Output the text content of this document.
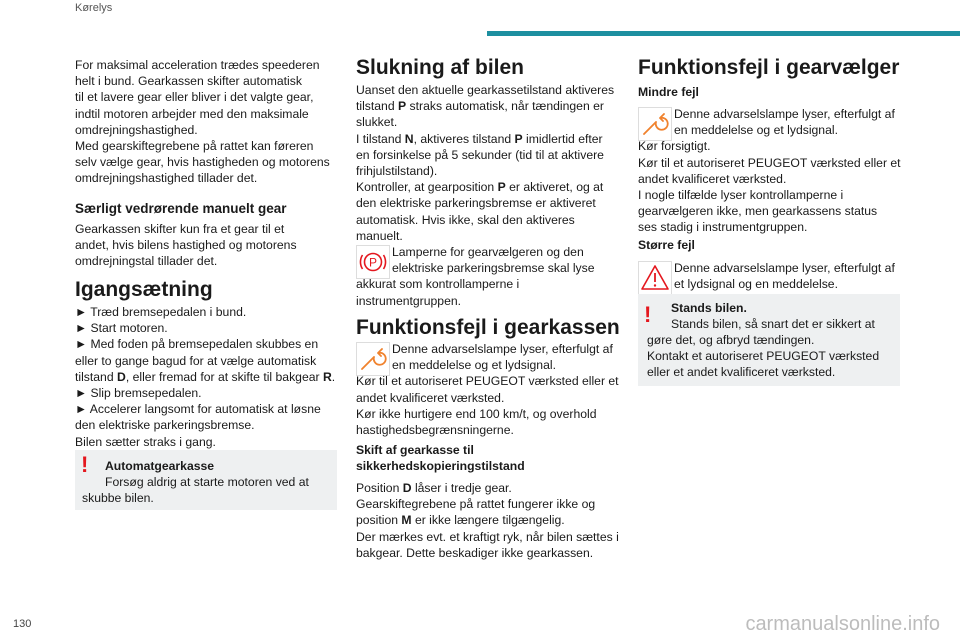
Kørelys

For maksimal acceleration trædes speederen

helt i bund. Gearkassen skifter automatisk

til et lavere gear eller bliver i det valgte gear,

indtil motoren arbejder med den maksimale

omdrejningshastighed.

Med gearskiftegrebene på rattet kan føreren

selv vælge gear, hvis hastigheden og motorens

omdrejningshastighed tillader det.

Særligt vedrørende manuelt gear

Gearkassen skifter kun fra et gear til et

andet, hvis bilens hastighed og motorens

omdrejningstal tillader det.

Igangsætning

► Træd bremsepedalen i bund.

► Start motoren.

► Med foden på bremsepedalen skubbes en

eller to gange bagud for at vælge automatisk

tilstand D, eller fremad for at skifte til bakgear R.

► Slip bremsepedalen.

► Accelerer langsomt for automatisk at løsne

den elektriske parkeringsbremse.

Bilen sætter straks i gang.

! Automatgearkasse
Forsøg aldrig at starte motoren ved at
skubbe bilen.
Slukning af bilen

Uanset den aktuelle gearkassetilstand aktiveres

tilstand P straks automatisk, når tændingen er

slukket.

I tilstand N, aktiveres tilstand P imidlertid efter

en forsinkelse på 5 sekunder (tid til at aktivere

frihjulstilstand).

Kontroller, at gearposition P er aktiveret, og at

den elektriske parkeringsbremse er aktiveret

automatisk. Hvis ikke, skal den aktiveres

manuelt.

P

Lamperne for gearvælgeren og den

elektriske parkeringsbremse skal lyse

akkurat som kontrollamperne i

instrumentgruppen.

Funktionsfejl i gearkassen

Denne advarselslampe lyser, efterfulgt af

en meddelelse og et lydsignal.

Kør til et autoriseret PEUGEOT værksted eller et

andet kvalificeret værksted.

Kør ikke hurtigere end 100 km/t, og overhold

hastighedsbegrænsningerne.

Skift af gearkasse til

sikkerhedskopieringstilstand

Position D låser i tredje gear.

Gearskiftegrebene på rattet fungerer ikke og

position M er ikke længere tilgængelig.

Der mærkes evt. et kraftigt ryk, når bilen sættes i

bakgear. Dette beskadiger ikke gearkassen.

Funktionsfejl i gearvælger
Mindre fejl

Denne advarselslampe lyser, efterfulgt af

en meddelelse og et lydsignal.

Kør forsigtigt.

Kør til et autoriseret PEUGEOT værksted eller et

andet kvalificeret værksted.

I nogle tilfælde lyser kontrollamperne i

gearvælgeren ikke, men gearkassens status

ses stadig i instrumentgruppen.

Større fejl

Denne advarselslampe lyser, efterfulgt af

et lydsignal og en meddelelse.

! Stands bilen.
Stands bilen, så snart det er sikkert at
gøre det, og afbryd tændingen.
Kontakt et autoriseret PEUGEOT værksted
eller et andet kvalificeret værksted.
130	carmanualsonline.info
